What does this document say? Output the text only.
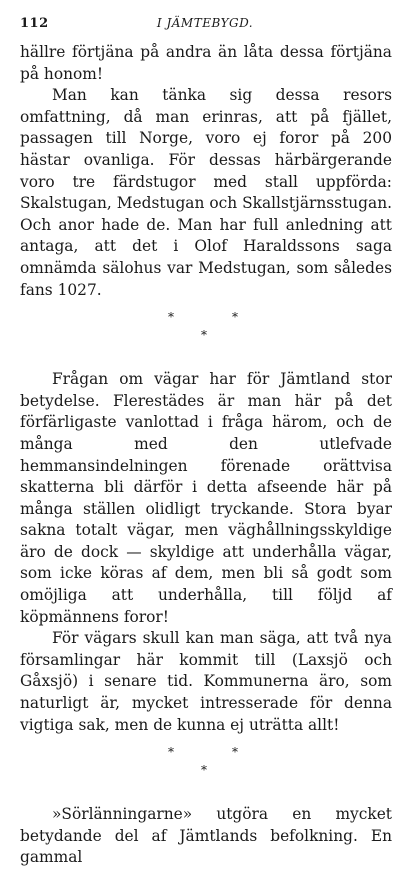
112	I JÄMTEBYGD.

hällre förtjäna på andra än låta dessa förtjäna på honom!

Man kan tänka sig dessa resors omfattning, då man erinras, att på fjället, passagen till Norge, voro ej foror på 200 hästar ovanliga. För dessas härbärgerande voro tre färdstugor med stall uppförda: Skalstugan, Medstugan och Skallstjärnsstugan. Och anor hade de. Man har full anledning att antaga, att det i Olof Haraldssons saga omnämda sälohus var Medstugan, som således fans 1027.

*	*
*

Frågan om vägar har för Jämtland stor betydelse. Flerestädes är man här på det förfärligaste vanlottad i fråga härom, och de många med den utlefvade hemmansindelningen förenade orättvisa skatterna bli därför i detta afseende här på många ställen olidligt tryckande. Stora byar sakna totalt vägar, men väghållningsskyldige äro de dock — skyldige att underhålla vägar, som icke köras af dem, men bli så godt som omöjliga att underhålla, till följd af köpmännens foror!

För vägars skull kan man säga, att två nya församlingar här kommit till (Laxsjö och Gåxsjö) i senare tid. Kommunerna äro, som naturligt är, mycket intresserade för denna vigtiga sak, men de kunna ej uträtta allt!

*	*
*

»Sörlänningarne» utgöra en mycket betydande del af Jämtlands befolkning. En gammal
